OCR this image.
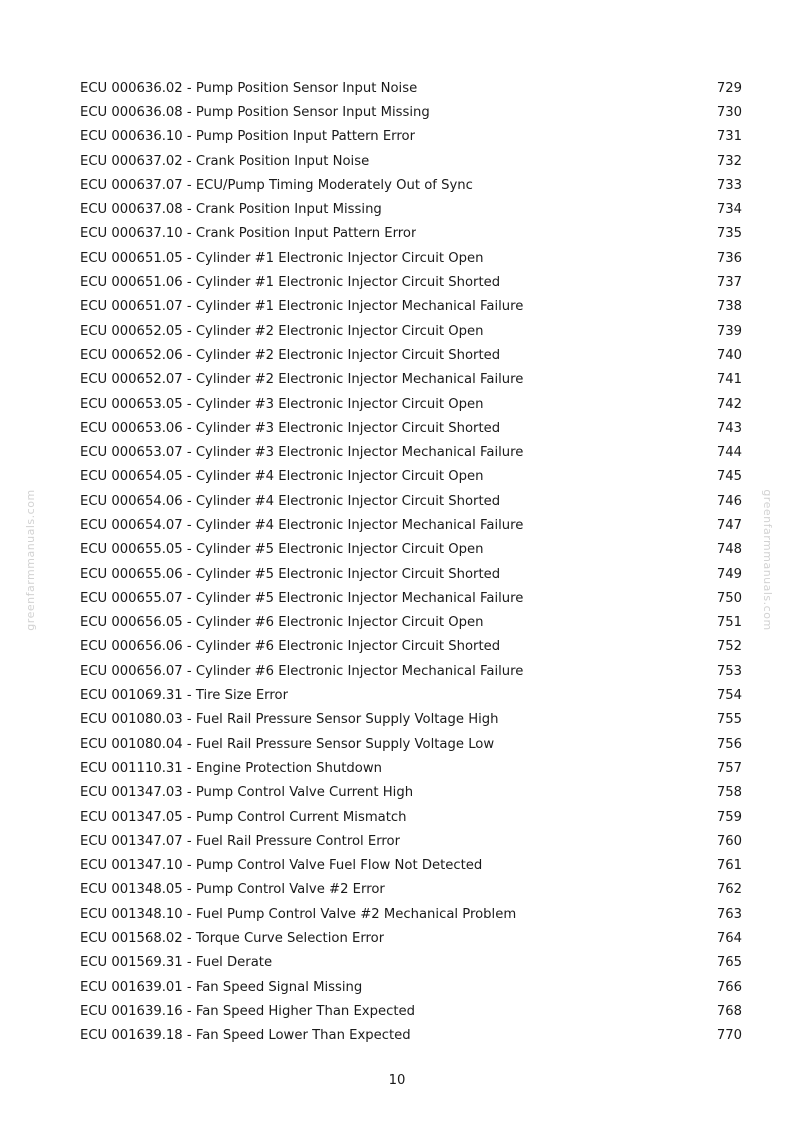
greenfarmmanuals.com	greenfarmmanuals.com
ECU 000636.02 - Pump Position Sensor Input Noise	729
ECU 000636.08 - Pump Position Sensor Input Missing	730
ECU 000636.10 - Pump Position Input Pattern Error	731
ECU 000637.02 - Crank Position Input Noise	732
ECU 000637.07 - ECU/Pump Timing Moderately Out of Sync	733
ECU 000637.08 - Crank Position Input Missing	734
ECU 000637.10 - Crank Position Input Pattern Error	735
ECU 000651.05 - Cylinder #1 Electronic Injector Circuit Open	736
ECU 000651.06 - Cylinder #1 Electronic Injector Circuit Shorted	737
ECU 000651.07 - Cylinder #1 Electronic Injector Mechanical Failure	738
ECU 000652.05 - Cylinder #2 Electronic Injector Circuit Open	739
ECU 000652.06 - Cylinder #2 Electronic Injector Circuit Shorted	740
ECU 000652.07 - Cylinder #2 Electronic Injector Mechanical Failure	741
ECU 000653.05 - Cylinder #3 Electronic Injector Circuit Open	742
ECU 000653.06 - Cylinder #3 Electronic Injector Circuit Shorted	743
ECU 000653.07 - Cylinder #3 Electronic Injector Mechanical Failure	744
ECU 000654.05 - Cylinder #4 Electronic Injector Circuit Open	745
ECU 000654.06 - Cylinder #4 Electronic Injector Circuit Shorted	746
ECU 000654.07 - Cylinder #4 Electronic Injector Mechanical Failure	747
ECU 000655.05 - Cylinder #5 Electronic Injector Circuit Open	748
ECU 000655.06 - Cylinder #5 Electronic Injector Circuit Shorted	749
ECU 000655.07 - Cylinder #5 Electronic Injector Mechanical Failure	750
ECU 000656.05 - Cylinder #6 Electronic Injector Circuit Open	751
ECU 000656.06 - Cylinder #6 Electronic Injector Circuit Shorted	752
ECU 000656.07 - Cylinder #6 Electronic Injector Mechanical Failure	753
ECU 001069.31 - Tire Size Error	754
ECU 001080.03 - Fuel Rail Pressure Sensor Supply Voltage High	755
ECU 001080.04 - Fuel Rail Pressure Sensor Supply Voltage Low	756
ECU 001110.31 - Engine Protection Shutdown	757
ECU 001347.03 - Pump Control Valve Current High	758
ECU 001347.05 - Pump Control Current Mismatch	759
ECU 001347.07 - Fuel Rail Pressure Control Error	760
ECU 001347.10 - Pump Control Valve Fuel Flow Not Detected	761
ECU 001348.05 - Pump Control Valve #2 Error	762
ECU 001348.10 - Fuel Pump Control Valve #2 Mechanical Problem	763
ECU 001568.02 - Torque Curve Selection Error	764
ECU 001569.31 - Fuel Derate	765
ECU 001639.01 - Fan Speed Signal Missing	766
ECU 001639.16 - Fan Speed Higher Than Expected	768
ECU 001639.18 - Fan Speed Lower Than Expected	770
10
